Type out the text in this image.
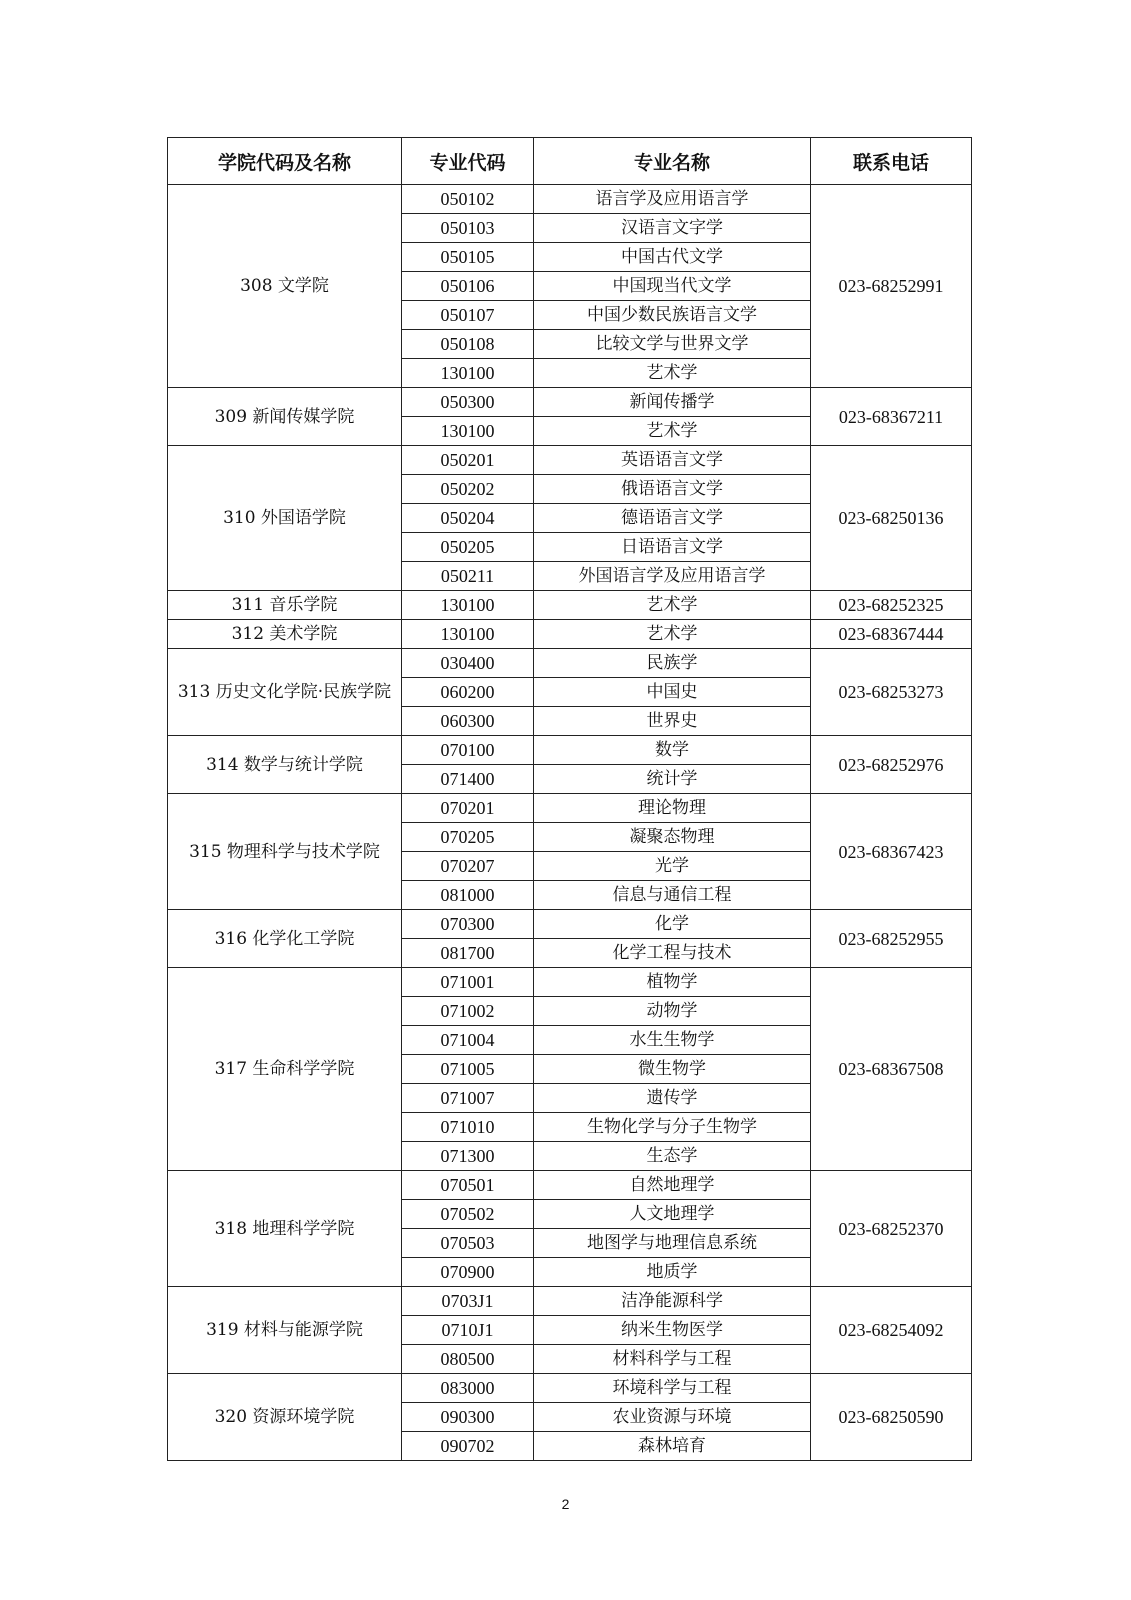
学院代码及名称	专业代码	专业名称	联系电话
308 文学院	050102	语言学及应用语言学	023-68252991
	050103	汉语言文字学	
	050105	中国古代文学	
	050106	中国现当代文学	
	050107	中国少数民族语言文学	
	050108	比较文学与世界文学	
	130100	艺术学	
309 新闻传媒学院	050300	新闻传播学	023-68367211
	130100	艺术学	
310 外国语学院	050201	英语语言文学	023-68250136
	050202	俄语语言文学	
	050204	德语语言文学	
	050205	日语语言文学	
	050211	外国语言学及应用语言学	
311 音乐学院	130100	艺术学	023-68252325
312 美术学院	130100	艺术学	023-68367444
313 历史文化学院·民族学院	030400	民族学	023-68253273
	060200	中国史	
	060300	世界史	
314 数学与统计学院	070100	数学	023-68252976
	071400	统计学	
315 物理科学与技术学院	070201	理论物理	023-68367423
	070205	凝聚态物理	
	070207	光学	
	081000	信息与通信工程	
316 化学化工学院	070300	化学	023-68252955
	081700	化学工程与技术	
317 生命科学学院	071001	植物学	023-68367508
	071002	动物学	
	071004	水生生物学	
	071005	微生物学	
	071007	遗传学	
	071010	生物化学与分子生物学	
	071300	生态学	
318 地理科学学院	070501	自然地理学	023-68252370
	070502	人文地理学	
	070503	地图学与地理信息系统	
	070900	地质学	
319 材料与能源学院	0703J1	洁净能源科学	023-68254092
	0710J1	纳米生物医学	
	080500	材料科学与工程	
320 资源环境学院	083000	环境科学与工程	023-68250590
	090300	农业资源与环境	
	090702	森林培育	
2
